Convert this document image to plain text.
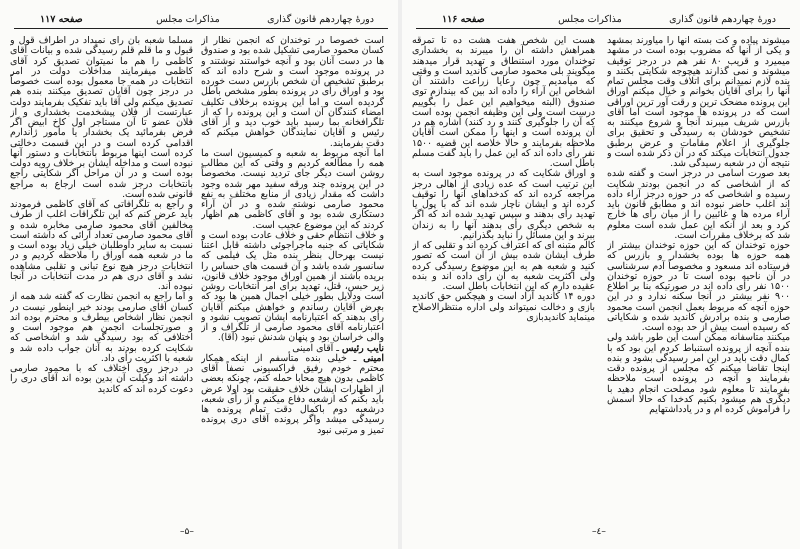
دورهٔ چهاردهم قانون گذاری
مذاکرات مجلس
صفحه ۱۱۷

است خصوصاً در توخندان که انجمن نظار از کسان محمود صارمی تشکیل شده بود و صندوق ها در دست آنان بود و آنچه خواستند نوشتند و در پرونده موجود است و شرح داده اند که برطبق تشخیص آن شخص بازرس دست خورده بود و اوراق رأی در پرونده بطور مشخص باطل گردیده است و اما این پرونده برخلاف تکلیف امضاء کنندگان آن است و این پرونده را که از تلگرافخانه بما رسید باید خوب دید و از آقای رئیس و آقایان نمایندگان خواهش میکنم که دقت بفرمایند.

اما آنچه مربوط به شعبه و کمیسیون است ما همه را مطالعه کردیم و وقتی که این مطالب روشن است دیگر جای تردید نیست. مخصوصاً در این پرونده چند ورقه سفید مهر شده وجود داشت که مقدار زیادی از منابع مختلف به نفع محمود صارمی نوشته شده و در آن آراء دستکاری شده بود و آقای کاظمی هم اظهار کردند که این موضوع عجیب است.

و خلاف انتظام حقی و خلاف عادت بوده است و شکایاتی که جنبه ماجراجوئی داشته قابل اعتنا نیست بهرحال بنظر بنده مثل یک فیلمی که سانسور شده باشد و آن قسمت های حساس را بریده باشند از همین اوراق موجود خلاف قانون، زیر حبس، قتل، تهدید برای امر انتخابات روشن است ودلایل بطور خیلی اجمال همین ها بود که بعرض آقایان رساندم و خواهش میکنم آقایان رأی بدهند که اعتبارنامه ایشان تصویب نشود و اعتبارنامه آقای محمود صارمی از تلگراف و از والی خراسان بود و پنهان شدنش نبود (آقا).

نایب رئیس ـ آقای امینی

امینی ـ خیلی بنده متأسفم از اینکه همکار محترم خودم رفیق فراکسیونی نصفاً آقای کاظمی بدون هیچ محابا حمله کنم، چونکه بعضی از اظهارات ایشان خلاف حقیقت بود اولا عرض باید بکنم که ازشعبه دفاع میکنم و از رأی شعبه، درشعبه دوم باکمال دقت تمام پرونده ها رسیدگی میشد واگر پرونده آقای دری پرونده تمیز و مرتبی نبود

مسلماً شعبه بآن رأی نمیداد در اطراف قول و قبول و ما قلم قلم رسیدگی شده و بیانات آقای کاظمی را هم ما نمیتوان تصدیق کرد آقای کاظمی میفرمایند مداخلات دولت در امر انتخابات در همه جا معمول بوده است خصوصاً در درجز چون آقایان تصدیق میکنند بنده هم تصدیق میکنم ولی آقا باید تفکیک بفرمایند دولت عبارتست از فلان پیشخدمت بخشداری و از فلان عضو تا آن مستاجر اول کاخ ابیض اگر فرض بفرمائید یک بخشدار یا مأمور ژاندارم اقدامی کرده است و در این قسمت دخالتی کرده است اینها مربوط بانتخابات و دستور آنها نبوده است و مداخله ایشان بر خلاف رویه دولت بوده است و در آن مراحل اگر شکایتی راجع بانتخابات درجز شده است ارجاع به مراجع قانونی شده است.

و راجع به تلگرافاتی که آقای کاظمی فرمودند باید عرض کنم که این تلگرافات اغلب از طرف مخالفین آقای محمود صارمی مخابره شده و آقای محمود صارمی تعداد آرائی که داشته است نسبت به سایر داوطلبان خیلی زیاد بوده است و ما در شعبه همه اوراق را ملاحظه کردیم و در انتخابات درجز هیچ نوع تبانی و تقلبی مشاهده نشد و آقای دری هم در مدت انتخابات در آنجا نبوده اند.

و اما راجع به انجمن نظارت که گفته شد همه از کسان آقای صارمی بودند خیر اینطور نیست در انجمن نظار اشخاص بیطرف و محترم بوده اند و صورتجلسات انجمن هم موجود است و اختلافی که بود رسیدگی شد و اشخاصی که شکایت کرده بودند به آنان جواب داده شد و شعبه با اکثریت رأی داد.

در درجز روی اختلاف که با محمود صارمی داشته اند وکیلت آن بدین بوده اند آقای دری را دعوت کرده اند که کاندید

–۵–
دورهٔ چهاردهم قانون گذاری
مذاکرات مجلس
صفحه ۱۱۶

میشوند پیاده و کت بسته آنها را میآورند بمشهد و یکی از آنها که مضروب بوده است در مشهد میمیرد و قریب ۸۰ نفر هم در درجز توقیف میشوند و نمی گذارند هیچوجه شکایتی بکنند و بنده لازم نمیدانم برای اتلاف وقت مجلس تمام آنها را برای آقایان بخوانم و خیال میکنم اوراق این پرونده مضحک ترین و رقت آور ترین اوراقی است که در پرونده ها موجود است اما آقای بازرس شریف میبرند آنجا و شروع میکنند به تشخیص خودشان به رسیدگی و تحقیق برای جلوگیری از اعلام مقامات و عرض برطبق جدول انتخابات میکند که در آن ذکر شده است و نتیجه آن در شعبه رسیدگی شد.

بعد صورت اسامی در درجز است و گفته شده که از اشخاصی که در انجمن بودند شکایت رسیده و اشخاصی که در حوزه درجز آراء داده اند اغلب حاضر نبوده اند و مطابق قانون باید آراء مرده ها و غائبین را از میان رأی ها خارج کرد و بعد از آنکه این عمل شده است معلوم شد که برخلاف مقررات است.

حوزه توخندان که این حوزه توخندان بیشتر از همه حوزه ها بوده بخشدار و بازرس که فرستاده اند مسعود و مخصوصاً آدم سرشناسی در آن ناحیه بوده است تا در حوزه توخندان ۱۵۰۰ نفر رأی داده اند در صورتیکه بنا بر اطلاع ۹۰۰ نفر بیشتر در آنجا سکنه ندارد و در این حوزه آنچه که مربوط بعمل انجمن است محمود صارمی و بنده برادرش کاندید شده و شکایاتی که رسیده است بیش از حد بوده است.

میکنند متاسفانه ممکن است این طور باشد ولی بنده آنچه از پرونده استنباط کردم این بود که با کمال دقت باید در این امر رسیدگی بشود و بنده اینجا تقاضا میکنم که مجلس از پرونده دقت بفرمایند و آنچه در پرونده است ملاحظه بفرمایند تا معلوم شود مصلحت انجام دهید با دیگری هم میشود بکنیم کدخدا که حالا اسمش را فراموش کرده ام و در یادداشتهایم

هست این شخص هفت هشت ده تا تمرقه همراهش داشته آن را میبرند به بخشداری توخندان مورد استنطاق و تهدید قرار میدهند میگویند بلی محمود صارمی کاندید است و وقتی که میآمدیم چون رعایا زراعت داشتند آن اشخاص این آراء را داده اند بین که بیندازم توی صندوق (البته میخواهیم این عمل را بگوییم درست است ولی این وظیفه انجمن بوده است که آن را جلوگیری کنند و رد کنند) اشاره هم در آن پرونده است و اینها را ممکن است آقایان ملاحظه بفرمایند و حالا خلاصه این قضیه ۱۵۰۰ نفر رأی داده اند که این عمل را باید گفت مسلم باطل است.

و اوراق شکایت که در پرونده موجود است به این ترتیب است که عده زیادی از اهالی درجز مراجعه کرده اند که کدخداهای آنها را توقیف کرده اند و ایشان ناچار شده اند که با پول یا تهدید رأی بدهند و سپس تهدید شده اند که اگر به شخص دیگری رأی بدهند آنها را به زندان ببرند و این مسائل را نباید بگذرانیم.

کالم متبنه ای که اعتراف کرده اند و تقلبی که از طرف ایشان شده بیش از آن است که تصور کنید و شعبه هم به این موضوع رسیدگی کرده ولی اکثریت شعبه به آن رأی داده اند و بنده عقیده دارم که این انتخابات باطل است.

دوره ۱۴ کاندید آزاد است و هیچکس حق کاندید بازی و دخالت نمیتواند ولی اداره منتظرالاصلاح مینماید کاندیدبازی

–٤–
